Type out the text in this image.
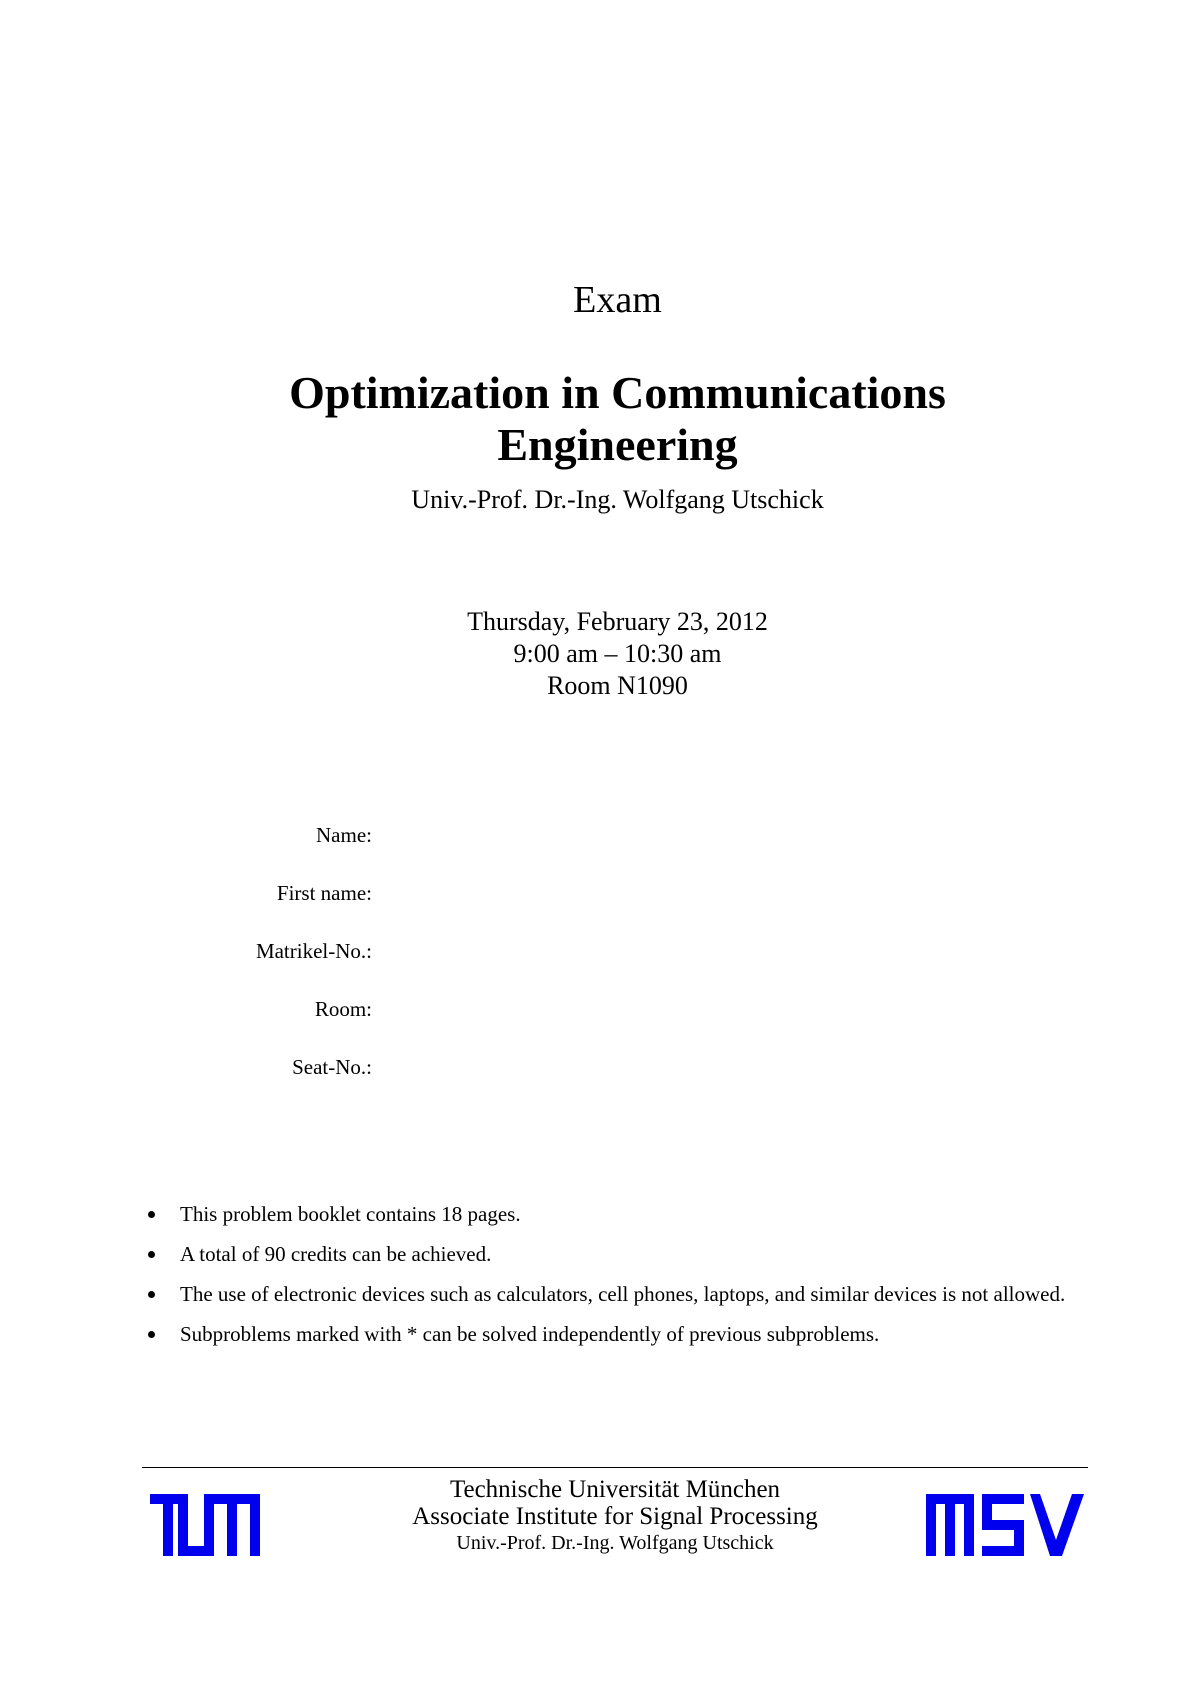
Exam
Optimization in Communications
Engineering
Univ.-Prof. Dr.-Ing. Wolfgang Utschick
Thursday, February 23, 2012
9:00 am – 10:30 am
Room N1090
Name:
First name:
Matrikel-No.:
Room:
Seat-No.:
This problem booklet contains 18 pages.
A total of 90 credits can be achieved.
The use of electronic devices such as calculators, cell phones, laptops, and similar devices is not allowed.
Subproblems marked with * can be solved independently of previous subproblems.
Technische Universität München
Associate Institute for Signal Processing
Univ.-Prof. Dr.-Ing. Wolfgang Utschick
